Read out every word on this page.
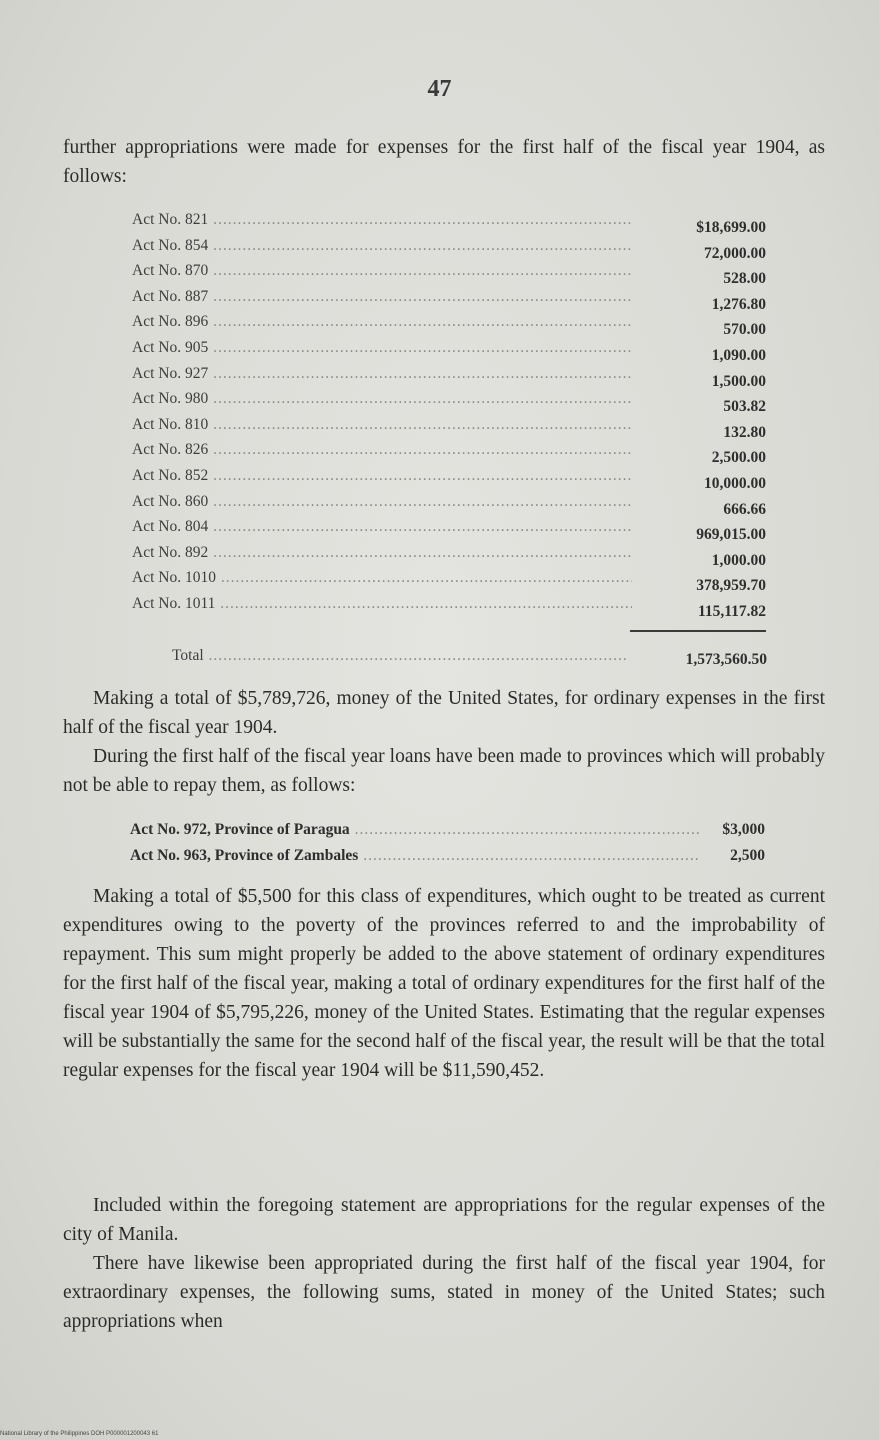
47

further appropriations were made for expenses for the first half of the fiscal year 1904, as follows:

Act No. 821 .....	$18,699.00
Act No. 854 .....	72,000.00
Act No. 870 .....	528.00
Act No. 887 .....	1,276.80
Act No. 896 .....	570.00
Act No. 905 .....	1,090.00
Act No. 927 .....	1,500.00
Act No. 980 .....	503.82
Act No. 810 .....	132.80
Act No. 826 .....	2,500.00
Act No. 852 .....	10,000.00
Act No. 860 .....	666.66
Act No. 804 .....	969,015.00
Act No. 892 .....	1,000.00
Act No. 1010 .....	378,959.70
Act No. 1011 .....	115,117.82
Total .....	1,573,560.50

Making a total of $5,789,726, money of the United States, for ordinary expenses in the first half of the fiscal year 1904.

During the first half of the fiscal year loans have been made to provinces which will probably not be able to repay them, as follows:

Act No. 972, Province of Paragua .....	$3,000
Act No. 963, Province of Zambales .....	2,500

Making a total of $5,500 for this class of expenditures, which ought to be treated as current expenditures owing to the poverty of the provinces referred to and the improbability of repayment. This sum might properly be added to the above statement of ordinary expenditures for the first half of the fiscal year, making a total of ordinary expenditures for the first half of the fiscal year 1904 of $5,795,226, money of the United States. Estimating that the regular expenses will be substantially the same for the second half of the fiscal year, the result will be that the total regular expenses for the fiscal year 1904 will be $11,590,452.

Included within the foregoing statement are appropriations for the regular expenses of the city of Manila.

There have likewise been appropriated during the first half of the fiscal year 1904, for extraordinary expenses, the following sums, stated in money of the United States; such appropriations when

National Library of the Philippines DOH P000001200043 61
